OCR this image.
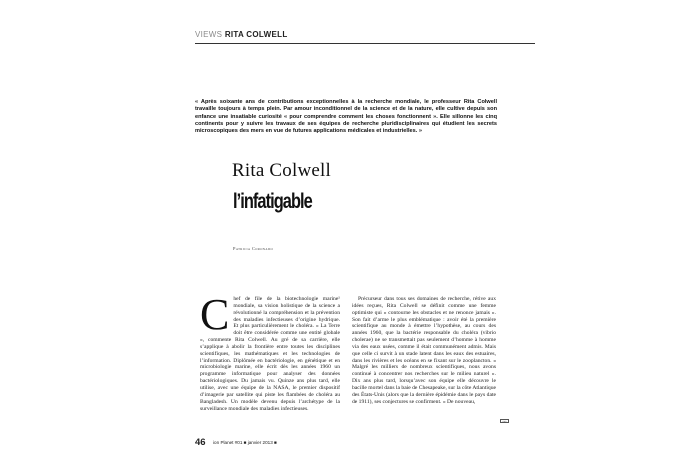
VIEWS RITA COLWELL

« Après soixante ans de contributions exceptionnelles à la recherche mondiale, le professeur Rita Colwell travaille toujours à temps plein. Par amour inconditionnel de la science et de la nature, elle cultive depuis son enfance une insatiable curiosité « pour comprendre comment les choses fonctionnent ». Elle sillonne les cinq continents pour y suivre les travaux de ses équipes de recherche pluridisciplinaires qui étudient les secrets microscopiques des mers en vue de futures applications médicales et industrielles. »

Rita Colwell
l’infatigable
Patricia Coronado
C hef de file de la biotechnologie marine¹ mondiale, sa vision holistique de la science a révolutionné la compréhension et la prévention des maladies infectieuses d’origine hydrique. Et plus particulièrement le choléra. « La Terre doit être considérée comme une entité globale », commente Rita Colwell. Au gré de sa carrière, elle s’applique à abolir la frontière entre toutes les disciplines scientifiques, les mathématiques et les technologies de l’information. Diplômée en bactériologie, en génétique et en microbiologie marine, elle écrit dès les années 1960 un programme informatique pour analyser des données bactériologiques. Du jamais vu. Quinze ans plus tard, elle utilise, avec une équipe de la NASA, le premier dispositif d’imagerie par satellite qui piste les flambées de choléra au Bangladesh. Un modèle devenu depuis l’archétype de la surveillance mondiale des maladies infectieuses.
Précurseur dans tous ses domaines de recherche, rétive aux idées reçues, Rita Colwell se définit comme une femme optimiste qui « contourne les obstacles et ne renonce jamais ». Son fait d’arme le plus emblématique : avoir été la première scientifique au monde à émettre l’hypothèse, au cours des années 1960, que la bactérie responsable du choléra (vibrio cholerae) ne se transmettait pas seulement d’homme à homme via des eaux usées, comme il était communément admis. Mais que celle ci survit à un stade latent dans les eaux des estuaires, dans les rivières et les océans en se fixant sur le zooplancton. « Malgré les milliers de nombreux scientifiques, nous avons continué à concentrer nos recherches sur le milieu naturel ». Dix ans plus tard, lorsqu’avec son équipe elle découvre le bacille mortel dans la baie de Chesapeake, sur la côte Atlantique des États-Unis (alors que la dernière épidémie dans le pays date de 1911), ses conjectures se confirment. « De nouveau,
»»»
46 ion Planet #01 ■ janvier 2013 ■
